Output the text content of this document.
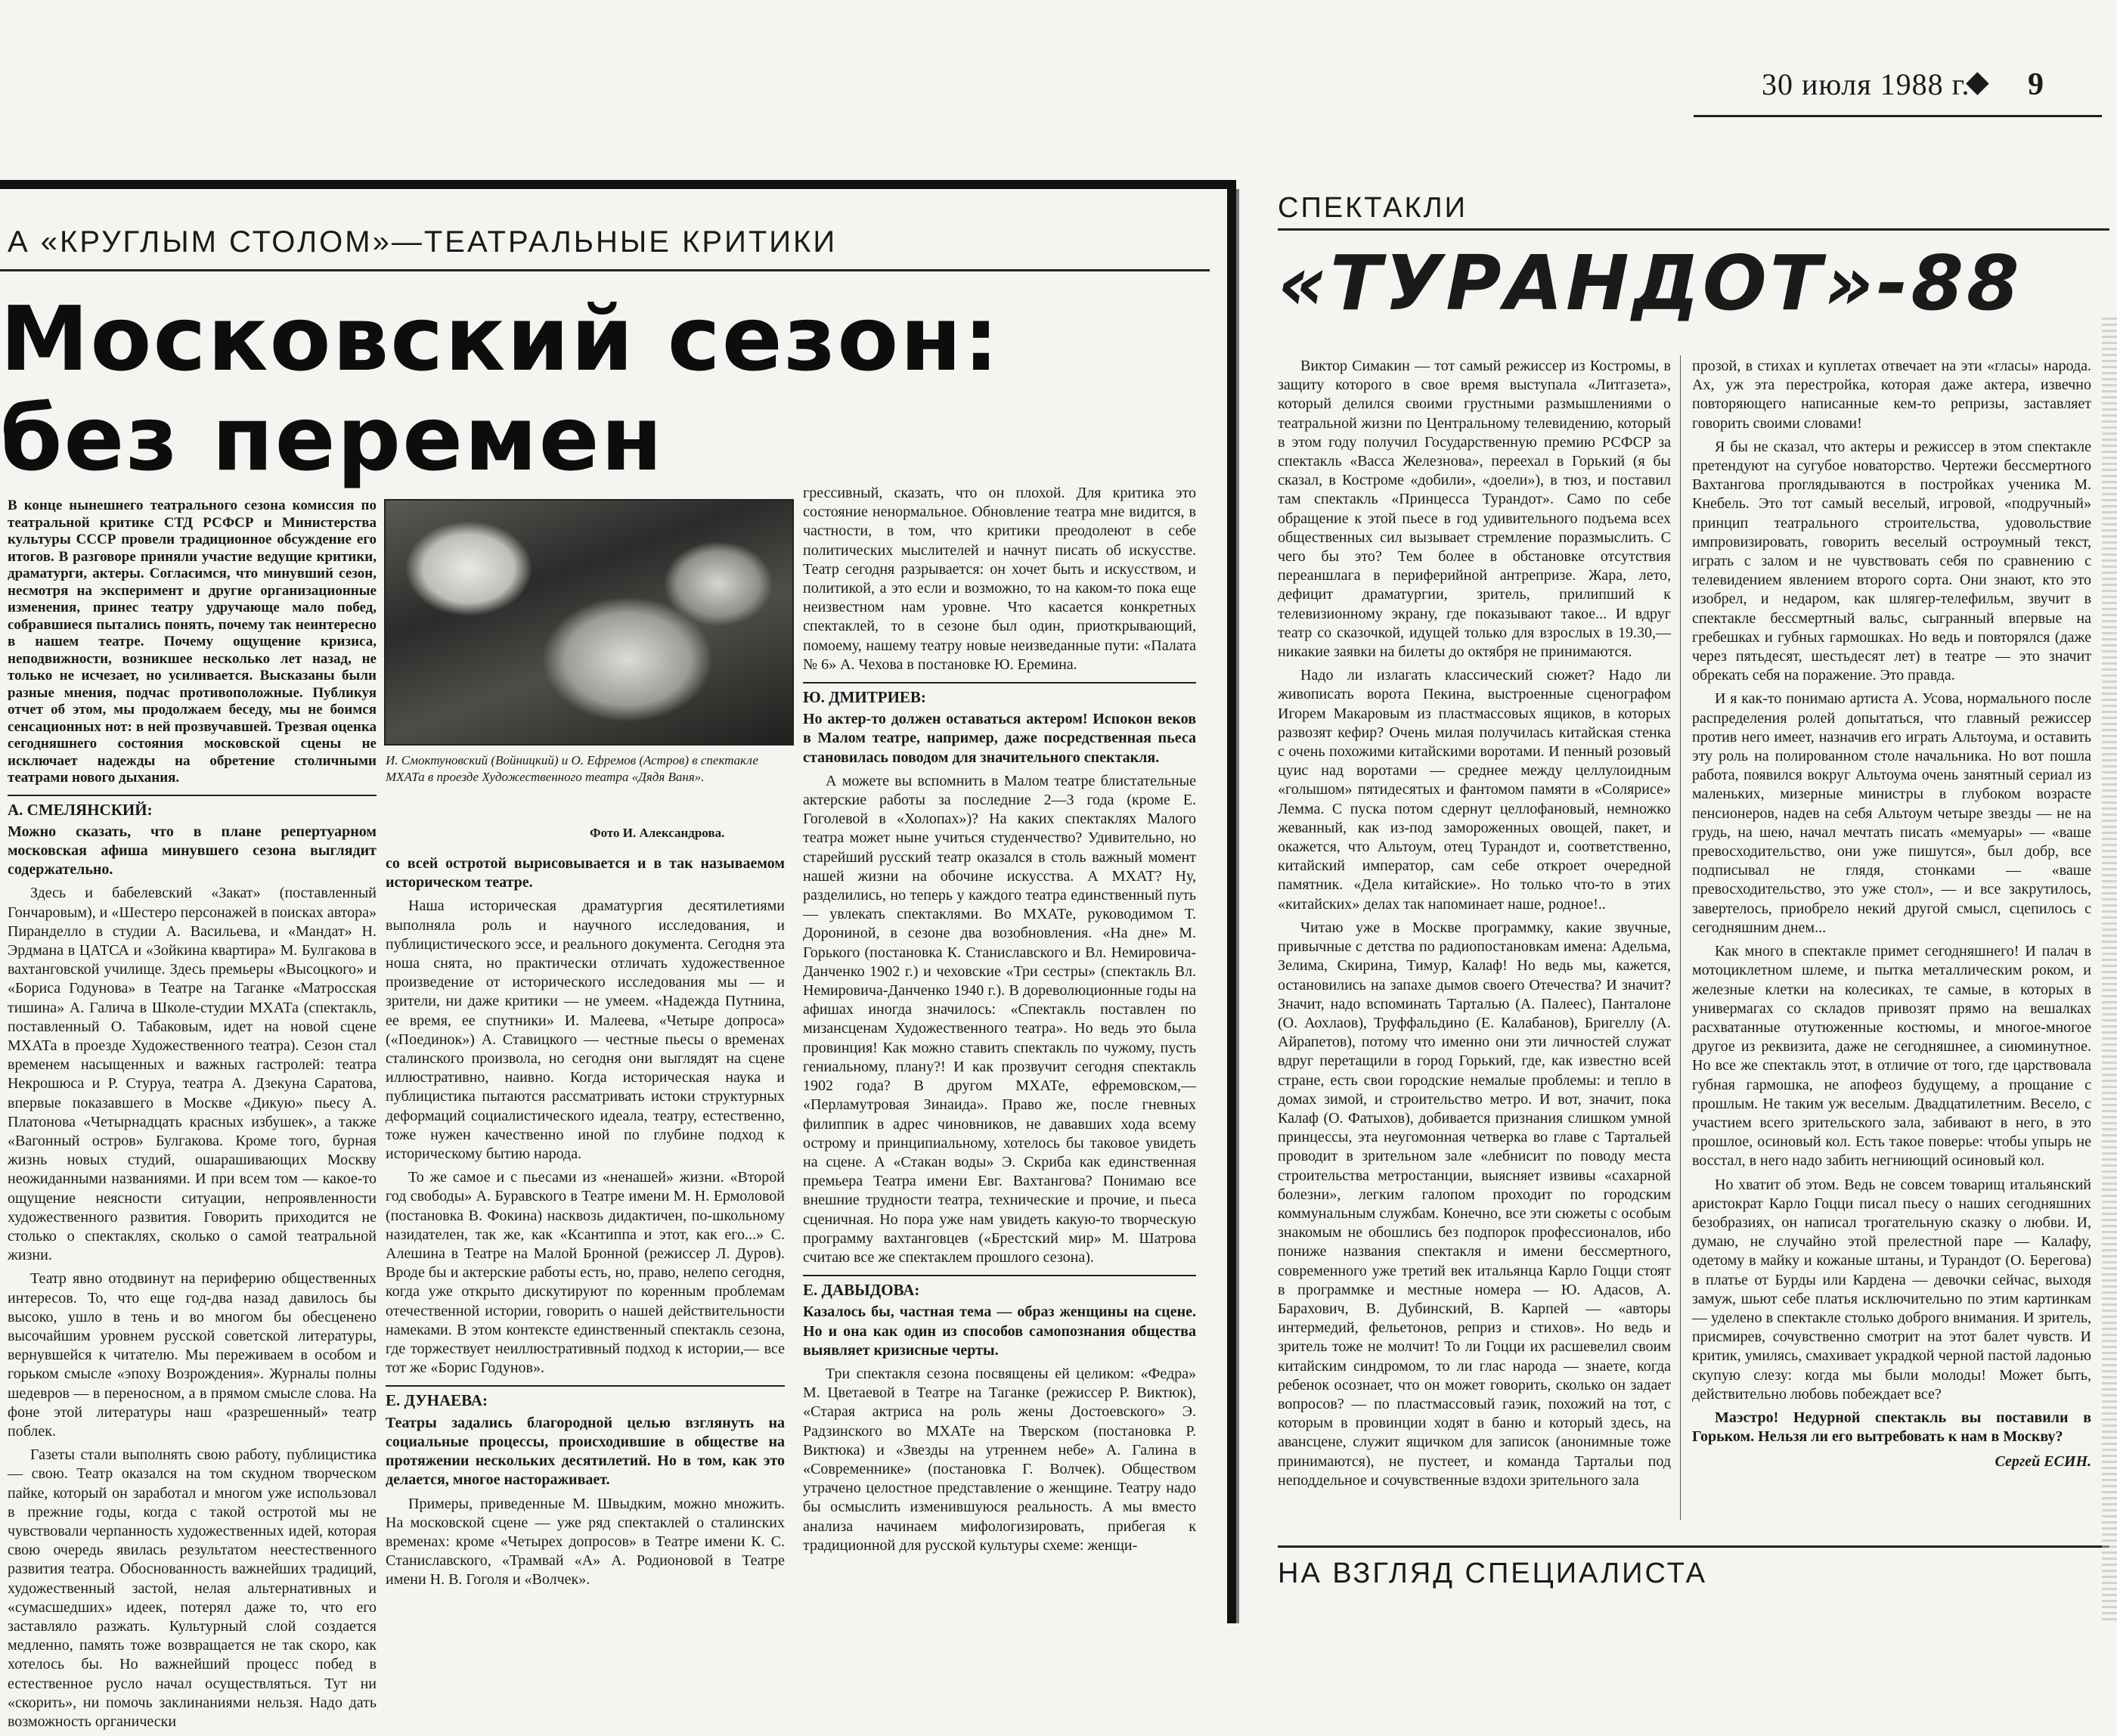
30 июля 1988 г.
◆ 9
А «КРУГЛЫМ СТОЛОМ»—ТЕАТРАЛЬНЫЕ КРИТИКИ
Московский сезон:
без перемен
В конце нынешнего театрального сезона комиссия по театральной критике СТД РСФСР и Министерства культуры СССР провели традиционное обсуждение его итогов. В разговоре приняли участие ведущие критики, драматурги, актеры. Согласимся, что минувший сезон, несмотря на эксперимент и другие организационные изменения, принес театру удручающе мало побед, собравшиеся пытались понять, почему так неинтересно в нашем театре. Почему ощущение кризиса, неподвижности, возникшее несколько лет назад, не только не исчезает, но усиливается. Высказаны были разные мнения, подчас противоположные. Публикуя отчет об этом, мы продолжаем беседу, мы не боимся сенсационных нот: в ней прозвучавшей. Трезвая оценка сегодняшнего состояния московской сцены не исключает надежды на обретение столичными театрами нового дыхания.
А. СМЕЛЯНСКИЙ:

Можно сказать, что в плане репертуарном московская афиша минувшего сезона выглядит содержательно.

Здесь и бабелевский «Закат» (поставленный Гончаровым), и «Шестеро персонажей в поисках автора» Пиранделло в студии А. Васильева, и «Мандат» Н. Эрдмана в ЦАТСА и «Зойкина квартира» М. Булгакова в вахтанговской училище. Здесь премьеры «Высоцкого» и «Бориса Годунова» в Театре на Таганке «Матросская тишина» А. Галича в Школе-студии МХАТа (спектакль, поставленный О. Табаковым, идет на новой сцене МХАТа в проезде Художественного театра). Сезон стал временем насыщенных и важных гастролей: театра Некрошюса и Р. Стуруа, театра А. Дзекуна Саратова, впервые показавшего в Москве «Дикую» пьесу А. Платонова «Четырнадцать красных избушек», а также «Вагонный остров» Булгакова. Кроме того, бурная жизнь новых студий, ошарашивающих Москву неожиданными названиями. И при всем том — какое-то ощущение неясности ситуации, непроявленности художественного развития. Говорить приходится не столько о спектаклях, сколько о самой театральной жизни.

Театр явно отодвинут на периферию общественных интересов. То, что еще год-два назад давилось бы высоко, ушло в тень и во многом бы обесценено высочайшим уровнем русской советской литературы, вернувшейся к читателю. Мы переживаем в особом и горьком смысле «эпоху Возрождения». Журналы полны шедевров — в переносном, а в прямом смысле слова. На фоне этой литературы наш «разрешенный» театр поблек.

Газеты стали выполнять свою работу, публицистика — свою. Театр оказался на том скудном творческом пайке, который он заработал и многом уже использовал в прежние годы, когда с такой остротой мы не чувствовали черпанность художественных идей, которая свою очередь явилась результатом неестественного развития театра. Обоснованность важнейших традиций, художественный застой, нелая альтернативных и «сумасшедших» идеек, потерял даже то, что его заставляло разжать. Культурный слой создается медленно, память тоже возвращается не так скоро, как хотелось бы. Но важнейший процесс побед в естественное русло начал осуществляться. Тут ни «скорить», ни помочь заклинаниями нельзя. Надо дать возможность органически

И. Смоктуновский (Войницкий) и О. Ефремов (Астров) в спектакле МХАТа в проезде Художественного театра «Дядя Ваня».
Фото И. Александрова.

со всей остротой вырисовывается и в так называемом историческом театре.

Наша историческая драматургия десятилетиями выполняла роль и научного исследования, и публицистического эссе, и реального документа. Сегодня эта ноша снята, но практически отличать художественное произведение от исторического исследования мы — и зрители, ни даже критики — не умеем. «Надежда Путнина, ее время, ее спутники» И. Малеева, «Четыре допроса» («Поединок») А. Ставицкого — честные пьесы о временах сталинского произвола, но сегодня они выглядят на сцене иллюстративно, наивно. Когда историческая наука и публицистика пытаются рассматривать истоки структурных деформаций социалистического идеала, театру, естественно, тоже нужен качественно иной по глубине подход к историческому бытию народа.

То же самое и с пьесами из «ненашей» жизни. «Второй год свободы» А. Буравского в Театре имени М. Н. Ермоловой (постановка В. Фокина) насквозь дидактичен, по-школьному назидателен, так же, как «Ксантиппа и этот, как его...» С. Алешина в Театре на Малой Бронной (режиссер Л. Дуров). Вроде бы и актерские работы есть, но, право, нелепо сегодня, когда уже открыто дискутируют по коренным проблемам отечественной истории, говорить о нашей действительности намеками. В этом контексте единственный спектакль сезона, где торжествует неиллюстративный подход к истории,— все тот же «Борис Годунов».

Е. ДУНАЕВА:

Театры задались благородной целью взглянуть на социальные процессы, происходившие в обществе на протяжении нескольких десятилетий. Но в том, как это делается, многое настораживает.

Примеры, приведенные М. Швыдким, можно множить. На московской сцене — уже ряд спектаклей о сталинских временах: кроме «Четырех допросов» в Театре имени К. С. Станиславского, «Трамвай «А» А. Родионовой в Театре имени Н. В. Гоголя и «Волчек».

грессивный, сказать, что он плохой. Для критика это состояние ненормальное. Обновление театра мне видится, в частности, в том, что критики преодолеют в себе политических мыслителей и начнут писать об искусстве. Театр сегодня разрывается: он хочет быть и искусством, и политикой, а это если и возможно, то на каком-то пока еще неизвестном нам уровне. Что касается конкретных спектаклей, то в сезоне был один, приоткрывающий, помоему, нашему театру новые неизведанные пути: «Палата № 6» А. Чехова в постановке Ю. Еремина.

Ю. ДМИТРИЕВ:

Но актер-то должен оставаться актером! Испокон веков в Малом театре, например, даже посредственная пьеса становилась поводом для значительного спектакля.

А можете вы вспомнить в Малом театре блистательные актерские работы за последние 2—3 года (кроме Е. Гоголевой в «Холопах»)? На каких спектаклях Малого театра может ныне учиться студенчество? Удивительно, но старейший русский театр оказался в столь важный момент нашей жизни на обочине искусства. А МХАТ? Ну, разделились, но теперь у каждого театра единственный путь — увлекать спектаклями. Во МХАТе, руководимом Т. Дорониной, в сезоне два возобновления. «На дне» М. Горького (постановка К. Станиславского и Вл. Немировича-Данченко 1902 г.) и чеховские «Три сестры» (спектакль Вл. Немировича-Данченко 1940 г.). В дореволюционные годы на афишах иногда значилось: «Спектакль поставлен по мизансценам Художественного театра». Но ведь это была провинция! Как можно ставить спектакль по чужому, пусть гениальному, плану?! И как прозвучит сегодня спектакль 1902 года? В другом МХАТе, ефремовском,— «Перламутровая Зинаида». Право же, после гневных филиппик в адрес чиновников, не дававших хода всему острому и принципиальному, хотелось бы таковое увидеть на сцене. А «Стакан воды» Э. Скриба как единственная премьера Театра имени Евг. Вахтангова? Понимаю все внешние трудности театра, технические и прочие, и пьеса сценичная. Но пора уже нам увидеть какую-то творческую программу вахтанговцев («Брестский мир» М. Шатрова считаю все же спектаклем прошлого сезона).

Е. ДАВЫДОВА:

Казалось бы, частная тема — образ женщины на сцене. Но и она как один из способов самопознания общества выявляет кризисные черты.

Три спектакля сезона посвящены ей целиком: «Федра» М. Цветаевой в Театре на Таганке (режиссер Р. Виктюк), «Старая актриса на роль жены Достоевского» Э. Радзинского во МХАТе на Тверском (постановка Р. Виктюка) и «Звезды на утреннем небе» А. Галина в «Современнике» (постановка Г. Волчек). Обществом утрачено целостное представление о женщине. Театру надо бы осмыслить изменившуюся реальность. А мы вместо анализа начинаем мифологизировать, прибегая к традиционной для русской культуры схеме: женщи-

СПЕКТАКЛИ
«ТУРАНДОТ»-88

Виктор Симакин — тот самый режиссер из Костромы, в защиту которого в свое время выступала «Литгазета», который делился своими грустными размышлениями о театральной жизни по Центральному телевидению, который в этом году получил Государственную премию РСФСР за спектакль «Васса Железнова», переехал в Горький (я бы сказал, в Костроме «добили», «доели»), в тюз, и поставил там спектакль «Принцесса Турандот». Само по себе обращение к этой пьесе в год удивительного подъема всех общественных сил вызывает стремление поразмыслить. С чего бы это? Тем более в обстановке отсутствия переаншлага в периферийной антрепризе. Жара, лето, дефицит драматургии, зритель, прилипший к телевизионному экрану, где показывают такое... И вдруг театр со сказочкой, идущей только для взрослых в 19.30,— никакие заявки на билеты до октября не принимаются.

Надо ли излагать классический сюжет? Надо ли живописать ворота Пекина, выстроенные сценографом Игорем Макаровым из пластмассовых ящиков, в которых развозят кефир? Очень милая получилась китайская стенка с очень похожими китайскими воротами. И пенный розовый цуис над воротами — среднее между целлулоидным «голышом» пятидесятых и фантомом памяти в «Солярисе» Лемма. С пуска потом сдернут целлофановый, немножко жеванный, как из-под замороженных овощей, пакет, и окажется, что Альтоум, отец Турандот и, соответственно, китайский император, сам себе откроет очередной памятник. «Дела китайские». Но только что-то в этих «китайских» делах так напоминает наше, родное!..

Читаю уже в Москве программку, какие звучные, привычные с детства по радиопостановкам имена: Адельма, Зелима, Скирина, Тимур, Калаф! Но ведь мы, кажется, остановились на запахе дымов своего Отечества? И значит? Значит, надо вспоминать Тарталью (А. Палеес), Панталоне (О. Аохлаов), Труффальдино (Е. Калабанов), Бригеллу (А. Айрапетов), потому что именно они эти личностей служат вдруг перетащили в город Горький, где, как известно всей стране, есть свои городские немалые проблемы: и тепло в домах зимой, и строительство метро. И вот, значит, пока Калаф (О. Фатыхов), добивается признания слишком умной принцессы, эта неугомонная четверка во главе с Тартальей проводит в зрительном зале «лебнисит по поводу места строительства метростанции, выясняет извивы «сахарной болезни», легким галопом проходит по городским коммунальным службам. Конечно, все эти сюжеты с особым знакомым не обошлись без подпорок профессионалов, ибо пониже названия спектакля и имени бессмертного, современного уже третий век итальянца Карло Гоцци стоят в программке и местные номера — Ю. Адасов, А. Барахович, В. Дубинский, В. Карпей — «авторы интермедий, фельетонов, реприз и стихов». Но ведь и зритель тоже не молчит! То ли Гоцци их расшевелил своим китайским синдромом, то ли глас народа — знаете, когда ребенок осознает, что он может говорить, сколько он задает вопросов? — по пластмассовый гаэик, похожий на тот, с которым в провинции ходят в баню и который здесь, на авансцене, служит ящичком для записок (анонимные тоже принимаются), не пустеет, и команда Тартальи под неподдельное и сочувственные вздохи зрительного зала

прозой, в стихах и куплетах отвечает на эти «гласы» народа. Ах, уж эта перестройка, которая даже актера, извечно повторяющего написанные кем-то репризы, заставляет говорить своими словами!

Я бы не сказал, что актеры и режиссер в этом спектакле претендуют на сугубое новаторство. Чертежи бессмертного Вахтангова проглядываются в постройках ученика М. Кнебель. Это тот самый веселый, игровой, «подручный» принцип театрального строительства, удовольствие импровизировать, говорить веселый остроумный текст, играть с залом и не чувствовать себя по сравнению с телевидением явлением второго сорта. Они знают, кто это изобрел, и недаром, как шлягер-телефильм, звучит в спектакле бессмертный вальс, сыгранный впервые на гребешках и губных гармошках. Но ведь и повторялся (даже через пятьдесят, шестьдесят лет) в театре — это значит обрекать себя на поражение. Это правда.

И я как-то понимаю артиста А. Усова, нормального после распределения ролей допытаться, что главный режиссер против него имеет, назначив его играть Альтоума, и оставить эту роль на полированном столе начальника. Но вот пошла работа, появился вокруг Альтоума очень занятный сериал из маленьких, мизерные министры в глубоком возрасте пенсионеров, надев на себя Альтоум четыре звезды — не на грудь, на шею, начал мечтать писать «мемуары» — «ваше превосходительство, они уже пишутся», был добр, все подписывал не глядя, стонками — «ваше превосходительство, это уже стол», — и все закрутилось, завертелось, приобрело некий другой смысл, сцепилось с сегодняшним днем...

Как много в спектакле примет сегодняшнего! И палач в мотоциклетном шлеме, и пытка металлическим роком, и железные клетки на колесиках, те самые, в которых в универмагах со складов привозят прямо на вешалках расхватанные отутюженные костюмы, и многое-многое другое из реквизита, даже не сегодняшнее, а сиюминутное. Но все же спектакль этот, в отличие от того, где царствовала губная гармошка, не апофеоз будущему, а прощание с прошлым. Не таким уж веселым. Двадцатилетним. Весело, с участием всего зрительского зала, забивают в него, в это прошлое, осиновый кол. Есть такое поверье: чтобы упырь не восстал, в него надо забить негниющий осиновый кол.

Но хватит об этом. Ведь не совсем товарищ итальянский аристократ Карло Гоцци писал пьесу о наших сегодняшних безобразиях, он написал трогательную сказку о любви. И, думаю, не случайно этой прелестной паре — Калафу, одетому в майку и кожаные штаны, и Турандот (О. Берегова) в платье от Бурды или Кардена — девочки сейчас, выходя замуж, шьют себе платья исключительно по этим картинкам — уделено в спектакле столько доброго внимания. И зритель, присмирев, сочувственно смотрит на этот балет чувств. И критик, умилясь, смахивает украдкой черной пастой ладонью скупую слезу: когда мы были молоды! Может быть, действительно любовь побеждает все?

Маэстро! Недурной спектакль вы поставили в Горьком. Нельзя ли его вытребовать к нам в Москву?

Сергей ЕСИН.
НА ВЗГЛЯД СПЕЦИАЛИСТА
